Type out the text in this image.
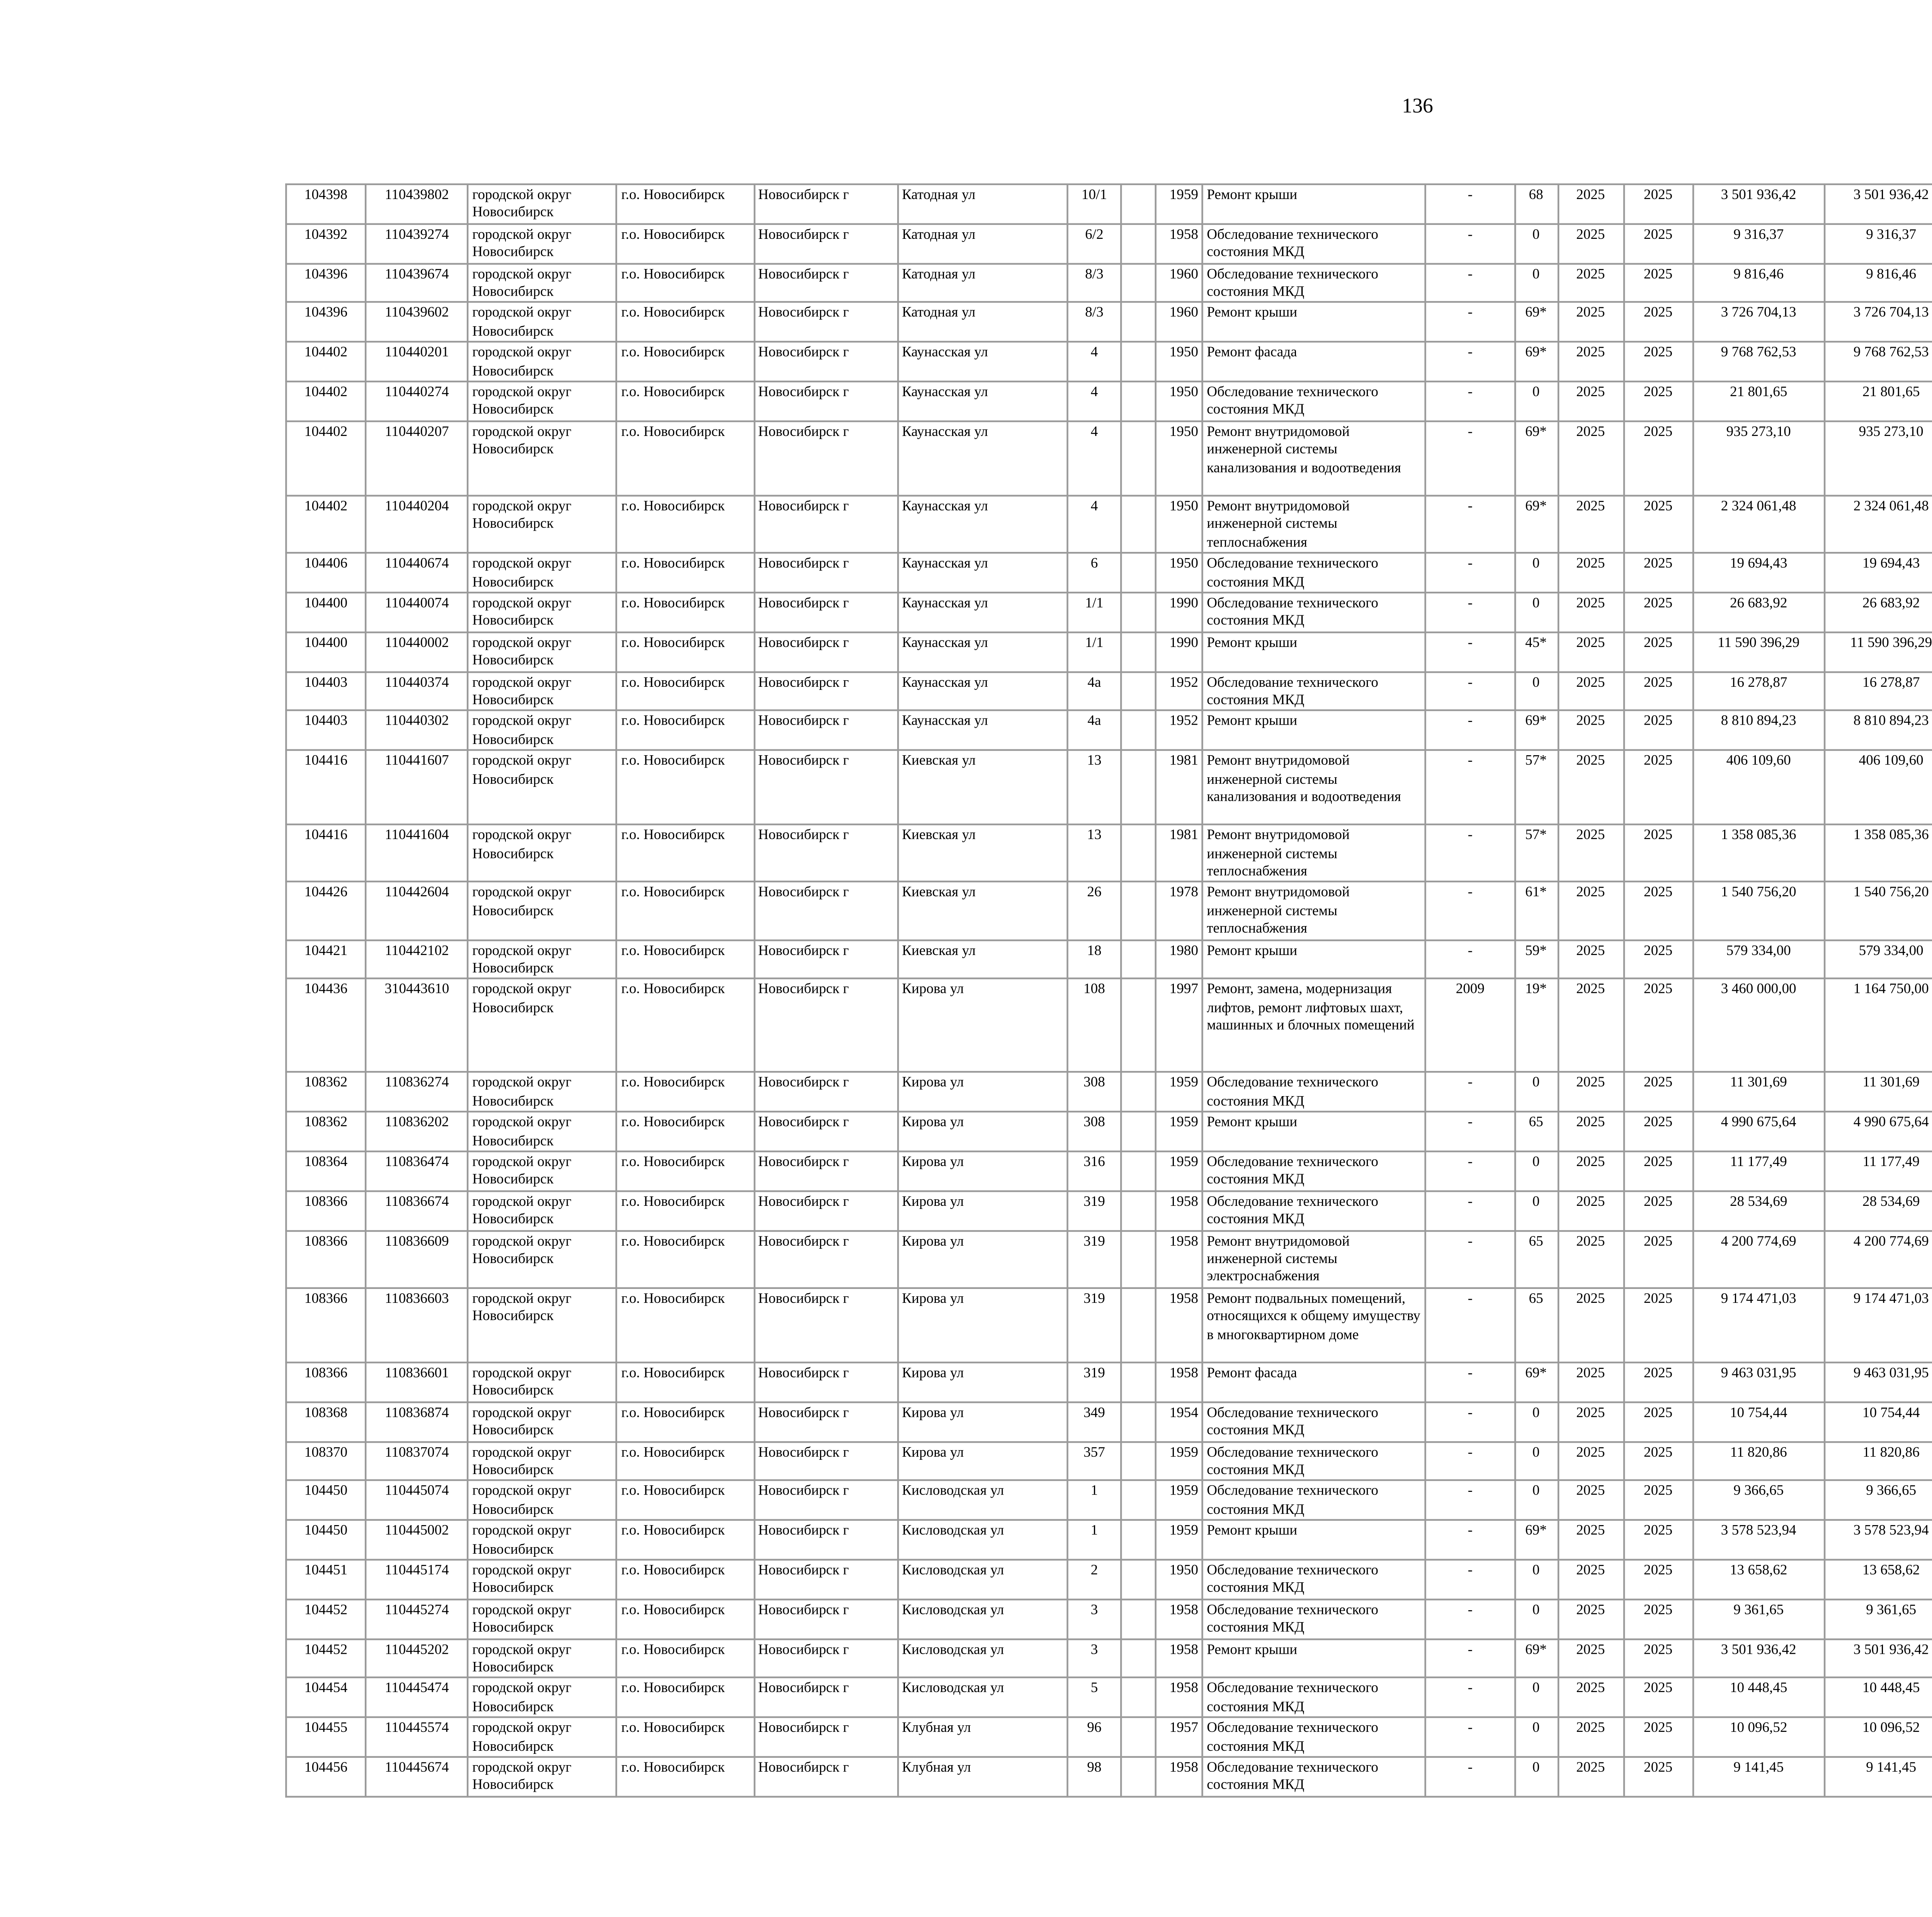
136
104398	110439802	городской округ Новосибирск	г.о. Новосибирск	Новосибирск г	Катодная ул	10/1		1959	Ремонт крыши	-	68	2025	2025	3 501 936,42	3 501 936,42						
104392	110439274	городской округ Новосибирск	г.о. Новосибирск	Новосибирск г	Катодная ул	6/2		1958	Обследование технического состояния МКД	-	0	2025	2025	9 316,37	9 316,37						
104396	110439674	городской округ Новосибирск	г.о. Новосибирск	Новосибирск г	Катодная ул	8/3		1960	Обследование технического состояния МКД	-	0	2025	2025	9 816,46	9 816,46						
104396	110439602	городской округ Новосибирск	г.о. Новосибирск	Новосибирск г	Катодная ул	8/3		1960	Ремонт крыши	-	69*	2025	2025	3 726 704,13	3 726 704,13						
104402	110440201	городской округ Новосибирск	г.о. Новосибирск	Новосибирск г	Каунасская ул	4		1950	Ремонт фасада	-	69*	2025	2025	9 768 762,53	9 768 762,53						
104402	110440274	городской округ Новосибирск	г.о. Новосибирск	Новосибирск г	Каунасская ул	4		1950	Обследование технического состояния МКД	-	0	2025	2025	21 801,65	21 801,65						
104402	110440207	городской округ Новосибирск	г.о. Новосибирск	Новосибирск г	Каунасская ул	4		1950	Ремонт внутридомовой инженерной системы канализования и водоотведения	-	69*	2025	2025	935 273,10	935 273,10						
104402	110440204	городской округ Новосибирск	г.о. Новосибирск	Новосибирск г	Каунасская ул	4		1950	Ремонт внутридомовой инженерной системы теплоснабжения	-	69*	2025	2025	2 324 061,48	2 324 061,48						
104406	110440674	городской округ Новосибирск	г.о. Новосибирск	Новосибирск г	Каунасская ул	6		1950	Обследование технического состояния МКД	-	0	2025	2025	19 694,43	19 694,43						
104400	110440074	городской округ Новосибирск	г.о. Новосибирск	Новосибирск г	Каунасская ул	1/1		1990	Обследование технического состояния МКД	-	0	2025	2025	26 683,92	26 683,92						
104400	110440002	городской округ Новосибирск	г.о. Новосибирск	Новосибирск г	Каунасская ул	1/1		1990	Ремонт крыши	-	45*	2025	2025	11 590 396,29	11 590 396,29						
104403	110440374	городской округ Новосибирск	г.о. Новосибирск	Новосибирск г	Каунасская ул	4а		1952	Обследование технического состояния МКД	-	0	2025	2025	16 278,87	16 278,87						
104403	110440302	городской округ Новосибирск	г.о. Новосибирск	Новосибирск г	Каунасская ул	4а		1952	Ремонт крыши	-	69*	2025	2025	8 810 894,23	8 810 894,23						
104416	110441607	городской округ Новосибирск	г.о. Новосибирск	Новосибирск г	Киевская ул	13		1981	Ремонт внутридомовой инженерной системы канализования и водоотведения	-	57*	2025	2025	406 109,60	406 109,60						
104416	110441604	городской округ Новосибирск	г.о. Новосибирск	Новосибирск г	Киевская ул	13		1981	Ремонт внутридомовой инженерной системы теплоснабжения	-	57*	2025	2025	1 358 085,36	1 358 085,36						
104426	110442604	городской округ Новосибирск	г.о. Новосибирск	Новосибирск г	Киевская ул	26		1978	Ремонт внутридомовой инженерной системы теплоснабжения	-	61*	2025	2025	1 540 756,20	1 540 756,20						
104421	110442102	городской округ Новосибирск	г.о. Новосибирск	Новосибирск г	Киевская ул	18		1980	Ремонт крыши	-	59*	2025	2025	579 334,00	579 334,00						
104436	310443610	городской округ Новосибирск	г.о. Новосибирск	Новосибирск г	Кирова ул	108		1997	Ремонт, замена, модернизация лифтов, ремонт лифтовых шахт, машинных и блочных помещений	2009	19*	2025	2025	3 460 000,00	1 164 750,00						
108362	110836274	городской округ Новосибирск	г.о. Новосибирск	Новосибирск г	Кирова ул	308		1959	Обследование технического состояния МКД	-	0	2025	2025	11 301,69	11 301,69						
108362	110836202	городской округ Новосибирск	г.о. Новосибирск	Новосибирск г	Кирова ул	308		1959	Ремонт крыши	-	65	2025	2025	4 990 675,64	4 990 675,64						
108364	110836474	городской округ Новосибирск	г.о. Новосибирск	Новосибирск г	Кирова ул	316		1959	Обследование технического состояния МКД	-	0	2025	2025	11 177,49	11 177,49						
108366	110836674	городской округ Новосибирск	г.о. Новосибирск	Новосибирск г	Кирова ул	319		1958	Обследование технического состояния МКД	-	0	2025	2025	28 534,69	28 534,69						
108366	110836609	городской округ Новосибирск	г.о. Новосибирск	Новосибирск г	Кирова ул	319		1958	Ремонт внутридомовой инженерной системы электроснабжения	-	65	2025	2025	4 200 774,69	4 200 774,69						
108366	110836603	городской округ Новосибирск	г.о. Новосибирск	Новосибирск г	Кирова ул	319		1958	Ремонт подвальных помещений, относящихся к общему имуществу в многоквартирном доме	-	65	2025	2025	9 174 471,03	9 174 471,03						
108366	110836601	городской округ Новосибирск	г.о. Новосибирск	Новосибирск г	Кирова ул	319		1958	Ремонт фасада	-	69*	2025	2025	9 463 031,95	9 463 031,95						
108368	110836874	городской округ Новосибирск	г.о. Новосибирск	Новосибирск г	Кирова ул	349		1954	Обследование технического состояния МКД	-	0	2025	2025	10 754,44	10 754,44						
108370	110837074	городской округ Новосибирск	г.о. Новосибирск	Новосибирск г	Кирова ул	357		1959	Обследование технического состояния МКД	-	0	2025	2025	11 820,86	11 820,86						
104450	110445074	городской округ Новосибирск	г.о. Новосибирск	Новосибирск г	Кисловодская ул	1		1959	Обследование технического состояния МКД	-	0	2025	2025	9 366,65	9 366,65						
104450	110445002	городской округ Новосибирск	г.о. Новосибирск	Новосибирск г	Кисловодская ул	1		1959	Ремонт крыши	-	69*	2025	2025	3 578 523,94	3 578 523,94						
104451	110445174	городской округ Новосибирск	г.о. Новосибирск	Новосибирск г	Кисловодская ул	2		1950	Обследование технического состояния МКД	-	0	2025	2025	13 658,62	13 658,62						
104452	110445274	городской округ Новосибирск	г.о. Новосибирск	Новосибирск г	Кисловодская ул	3		1958	Обследование технического состояния МКД	-	0	2025	2025	9 361,65	9 361,65						
104452	110445202	городской округ Новосибирск	г.о. Новосибирск	Новосибирск г	Кисловодская ул	3		1958	Ремонт крыши	-	69*	2025	2025	3 501 936,42	3 501 936,42						
104454	110445474	городской округ Новосибирск	г.о. Новосибирск	Новосибирск г	Кисловодская ул	5		1958	Обследование технического состояния МКД	-	0	2025	2025	10 448,45	10 448,45						
104455	110445574	городской округ Новосибирск	г.о. Новосибирск	Новосибирск г	Клубная ул	96		1957	Обследование технического состояния МКД	-	0	2025	2025	10 096,52	10 096,52						
104456	110445674	городской округ Новосибирск	г.о. Новосибирск	Новосибирск г	Клубная ул	98		1958	Обследование технического состояния МКД	-	0	2025	2025	9 141,45	9 141,45						
